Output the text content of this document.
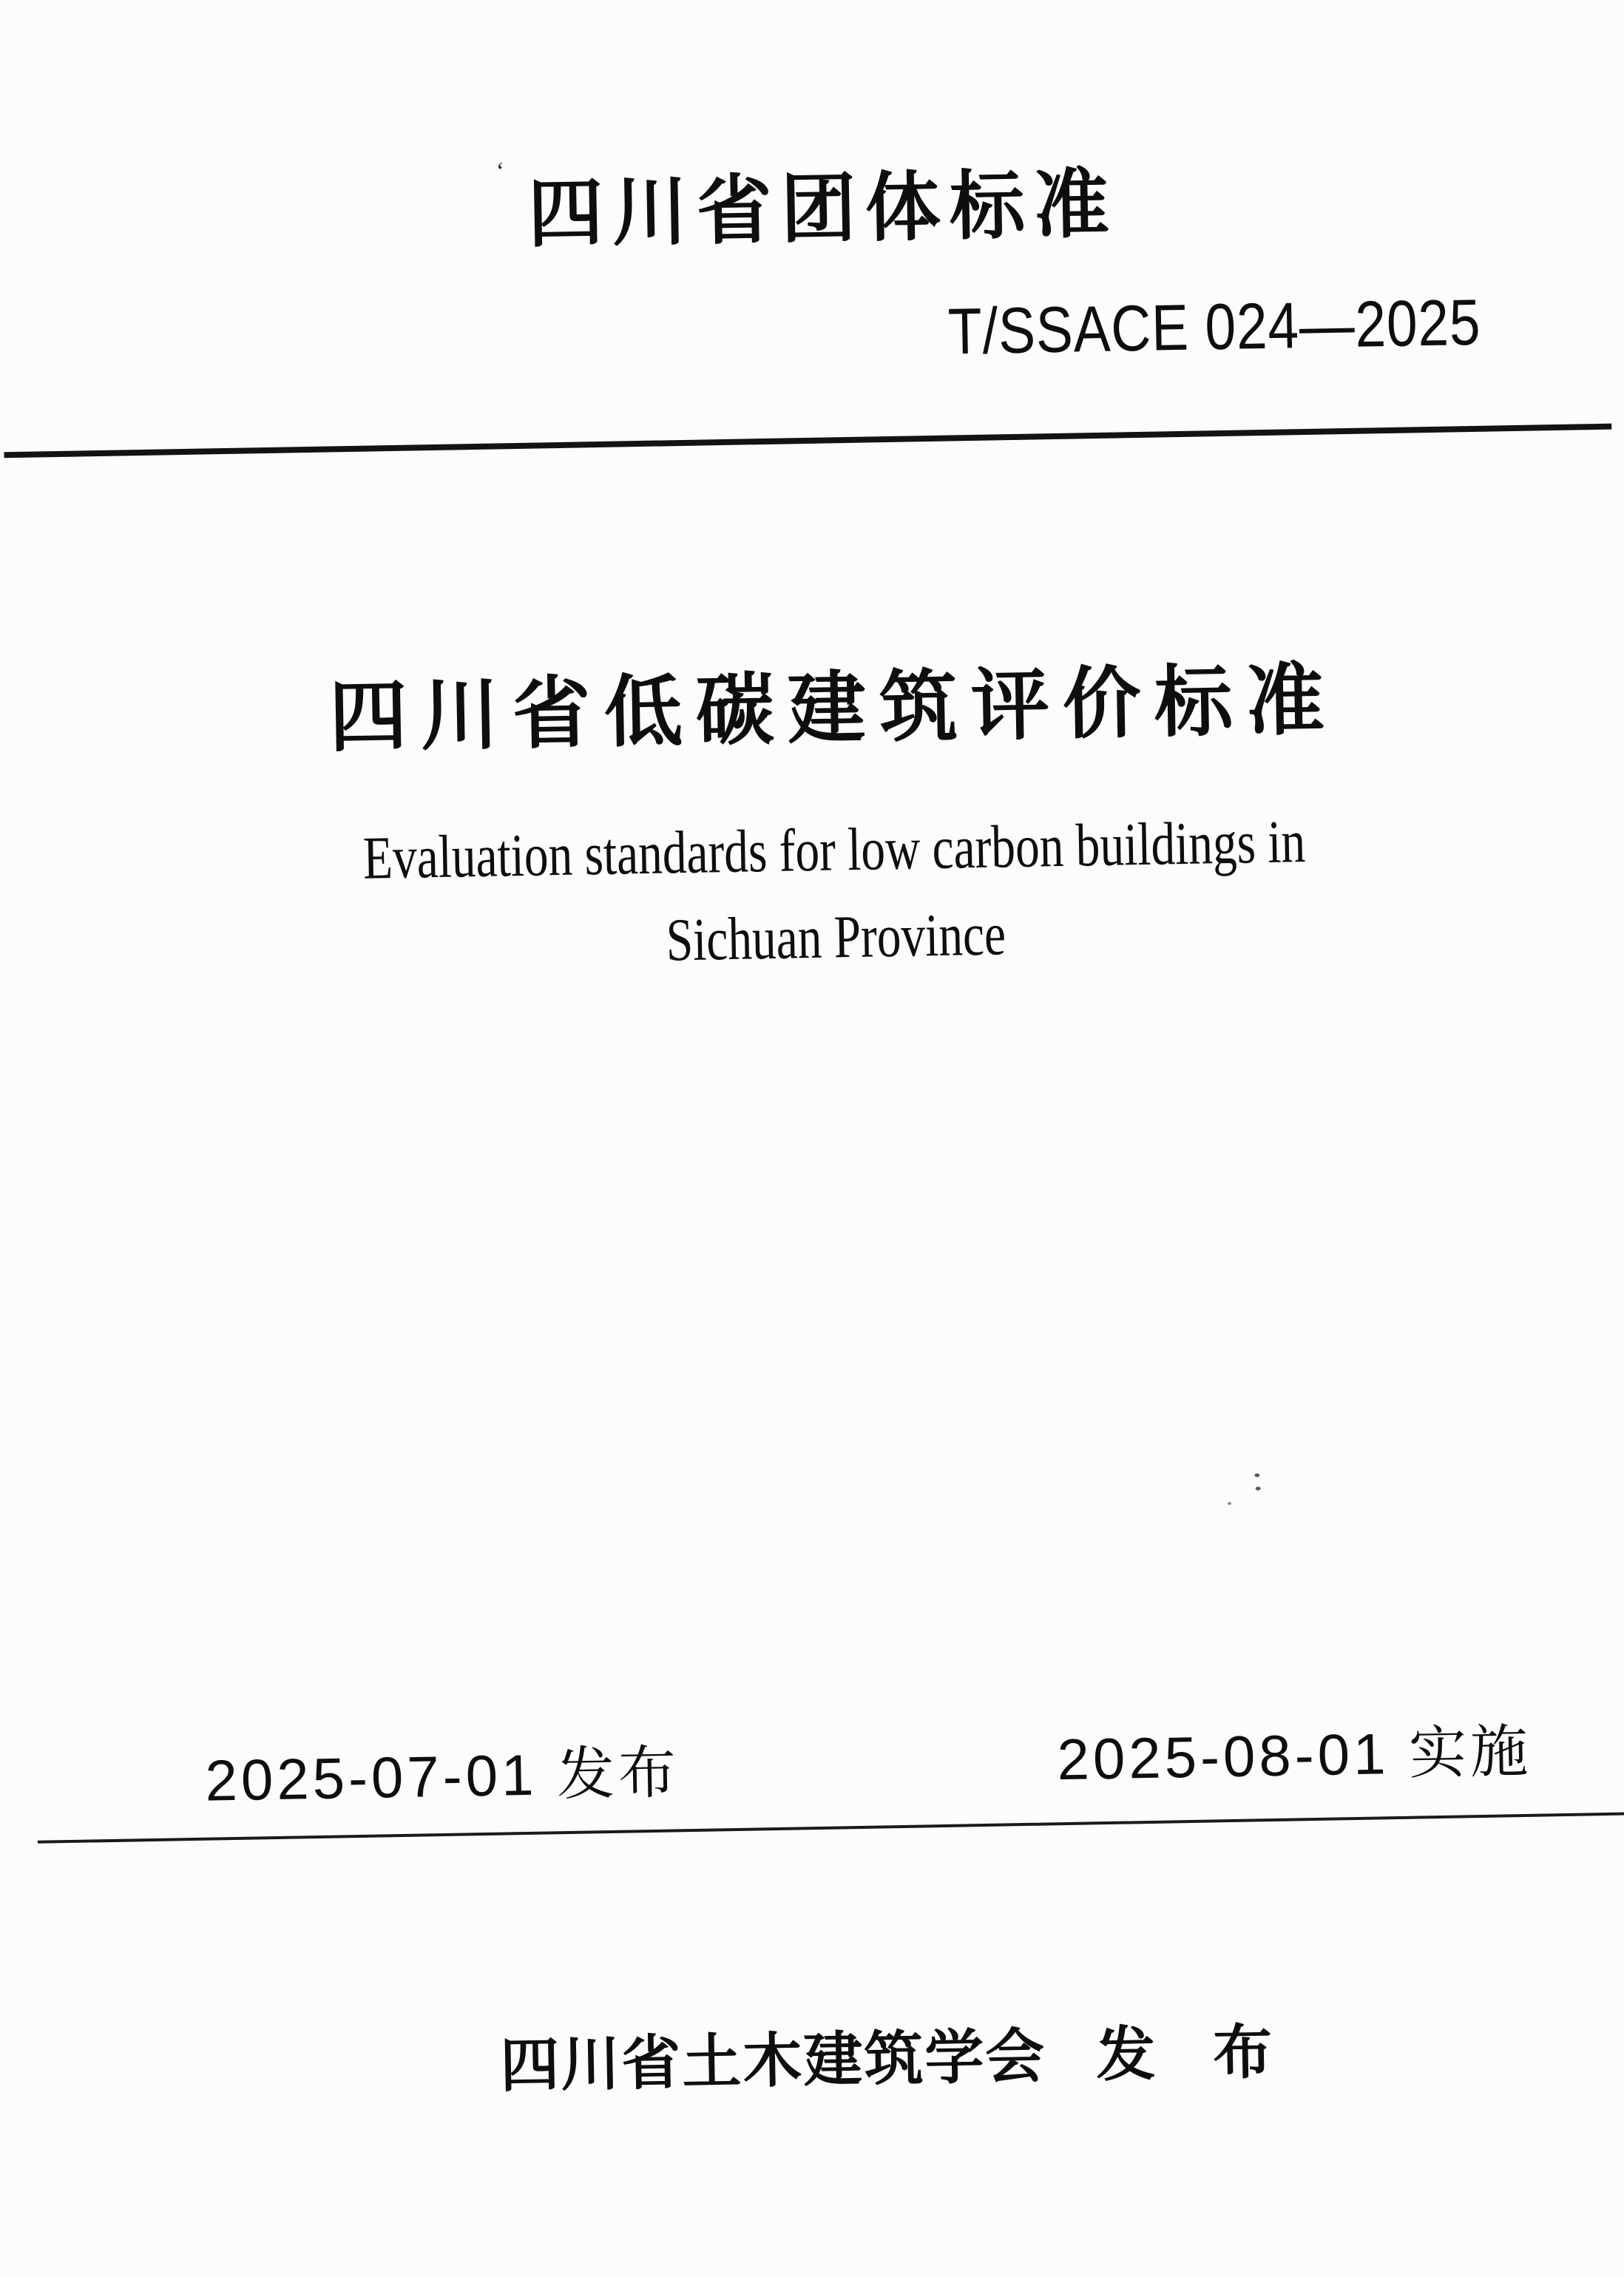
四川省团体标准
T/SSACE 024—2025
四川省低碳建筑评价标准
Evaluation standards for low carbon buildings in
Sichuan Province
2025-07-01 发布	2025-08-01 实施
四川省土木建筑学会 发 布
‘
